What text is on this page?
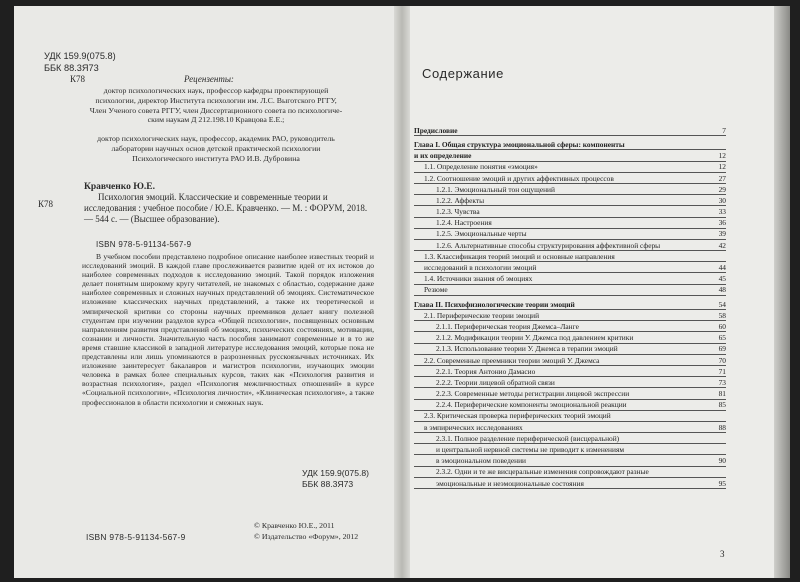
УДК 159.9(075.8)
ББК 88.3Я73
К78	Рецензенты:
доктор психологических наук, профессор кафедры проектирующей
психологии, директор Института психологии им. Л.С. Выготского РГГУ,
Член Ученого совета РГГУ, член Диссертационного совета по психологиче-
ским наукам Д 212.198.10 Кравцова Е.Е.;
доктор психологических наук, профессор, академик РАО, руководитель
лаборатории научных основ детской практической психологии
Психологического института РАО И.В. Дубровина
Кравченко Ю.Е.
К78
Психология эмоций. Классические и современные теории и исследования : учебное пособие / Ю.Е. Кравченко. — М. : ФОРУМ, 2018. — 544 с. — (Высшее образование).
ISBN 978-5-91134-567-9
В учебном пособии представлено подробное описание наиболее известных теорий и исследований эмоций. В каждой главе прослеживается развитие идей от их истоков до наиболее современных подходов к исследованию эмоций. Такой порядок изложения делает понятным широкому кругу читателей, не знакомых с областью, содержание даже наиболее современных и сложных научных представлений об эмоциях. Систематическое изложение классических научных представлений, а также их теоретической и эмпирической критики со стороны научных преемников делает книгу полезной студентам при изучении разделов курса «Общей психологии», посвященных основным направлениям развития представлений об эмоциях, психических состояниях, мотивации, сознании и личности. Значительную часть пособия занимают современные и в то же время ставшие классикой в западной литературе исследования эмоций, которые пока не представлены или лишь упоминаются в разрозненных русскоязычных источниках. Их изложение заинтересует бакалавров и магистров психологии, изучающих эмоции человека в рамках более специальных курсов, таких как «Психология развития и возрастная психология», раздел «Психология межличностных отношений» в курсе «Социальной психологии», «Психология личности», «Клиническая психология», а также профессионалов в области психологии и смежных наук.
УДК 159.9(075.8)
ББК 88.3Я73
ISBN 978-5-91134-567-9
© Кравченко Ю.Е., 2011
© Издательство «Форум», 2012
Содержание
Предисловие	7
Глава I. Общая структура эмоциональной сферы: компоненты
и их определение	12
1.1. Определение понятия «эмоция»	12
1.2. Соотношение эмоций и других аффективных процессов	27
1.2.1. Эмоциональный тон ощущений	29
1.2.2. Аффекты	30
1.2.3. Чувства	33
1.2.4. Настроения	36
1.2.5. Эмоциональные черты	39
1.2.6. Альтернативные способы структурирования аффективной сферы	42
1.3. Классификация теорий эмоций и основные направления
исследований в психологии эмоций	44
1.4. Источники знания об эмоциях	45
Резюме	48
Глава II. Психофизиологические теории эмоций	54
2.1. Периферические теории эмоций	58
2.1.1. Периферическая теория Джемса–Ланге	60
2.1.2. Модификации теории У. Джемса под давлением критики	65
2.1.3. Использование теории У. Джемса в терапии эмоций	69
2.2. Современные преемники теории эмоций У. Джемса	70
2.2.1. Теория Антонио Дамасио	71
2.2.2. Теории лицевой обратной связи	73
2.2.3. Современные методы регистрации лицевой экспрессии	81
2.2.4. Периферические компоненты эмоциональной реакции	85
2.3. Критическая проверка периферических теорий эмоций
в эмпирических исследованиях	88
2.3.1. Полное разделение периферической (висцеральной)
и центральной нервной системы не приводит к изменениям
в эмоциональном поведении	90
2.3.2. Одни и те же висцеральные изменения сопровождают разные
эмоциональные и неэмоциональные состояния	95
3
